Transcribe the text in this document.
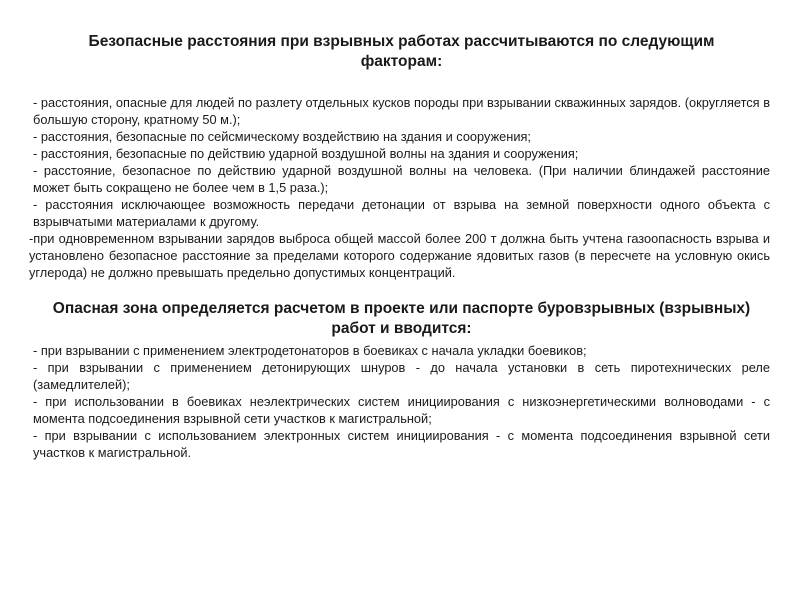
Безопасные расстояния при взрывных работах рассчитываются по следующим факторам:

- расстояния, опасные для людей по разлету отдельных кусков породы при взрывании скважинных зарядов. (округляется в большую сторону, кратному 50 м.);

- расстояния, безопасные по сейсмическому воздействию на здания и сооружения;

- расстояния, безопасные по действию ударной воздушной волны на здания и сооружения;

- расстояние, безопасное по действию ударной воздушной волны на человека. (При наличии блиндажей расстояние может быть сокращено не более чем в 1,5 раза.);

- расстояния исключающее возможность передачи детонации от взрыва на земной поверхности одного объекта с взрывчатыми материалами к другому.

-при одновременном взрывании зарядов выброса общей массой более 200 т должна быть учтена газоопасность взрыва и установлено безопасное расстояние за пределами которого содержание ядовитых газов (в пересчете на условную окись углерода) не должно превышать предельно допустимых концентраций.

Опасная зона определяется расчетом в проекте или паспорте буровзрывных (взрывных) работ и вводится:

- при взрывании с применением электродетонаторов в боевиках с начала укладки боевиков;

- при взрывании с применением детонирующих шнуров - до начала установки в сеть пиротехнических реле (замедлителей);

- при использовании в боевиках неэлектрических систем инициирования с низкоэнергетическими волноводами - с момента подсоединения взрывной сети участков к магистральной;

- при взрывании с использованием электронных систем инициирования - с момента подсоединения взрывной сети участков к магистральной.
